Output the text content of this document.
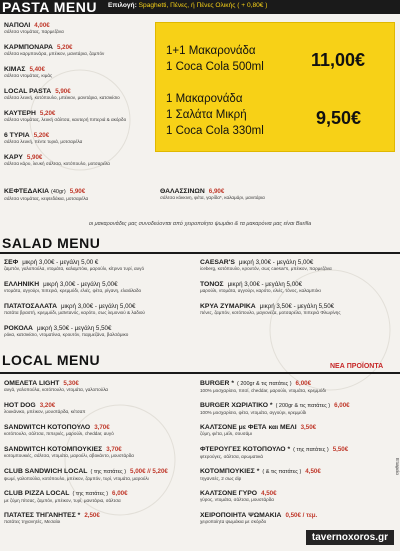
PASTA MENU Επιλογή: Spaghetti, Πένες, ή Πένες Ολικής ( + 0,80€ )
ΝΑΠΟΛΙ 4,00€
σάλτσα ντομάτας, παρμεζάνα
ΚΑΡΜΠΟΝΑΡΑ 5,20€
σάλτσα καρμπονάρα, μπέικον, μανιτάρια, ζαμπόν
ΚΙΜΑΣ 5,40€
σάλτσα ντομάτας, κιμάς
LOCAL PASTA 5,90€
σάλτσα λευκή, κοτόπουλο, μπέικον, μανιτάρια, κατσικίσιο
ΚΑΥΤΕΡΗ 5,20€
σάλτσα ντομάτας, λευκή σάλτσα, καυτερή πιπεριά & ακόρδο
6 ΤΥΡΙΑ 5,20€
σάλτσα λευκή, πέντε τυριά, μοτσαρέλα
ΚΑΡΥ 5,90€
σάλτσα κάρυ, λευκή σάλτσα, κοτόπουλο, μοτσαρέλα
ΚΕΦΤΕΔΑΚΙΑ (40gr) 5,90€
σάλτσα ντομάτας, κεφτεδάκια, μοτσαρέλα
ΘΑΛΑΣΣΙΝΩΝ 6,90€
σάλτσα κόκκινη, φέτα, γαρίδα*, καλαμάρι, μανιτάρια
1+1 Μακαρονάδα
1 Coca Cola 500ml	11,00€
1 Μακαρονάδα
1 Σαλάτα Μικρή
1 Coca Cola 330ml
9,50€
οι μακαρονάδες μας συνοδεύονται από χειροποίητο ψωμάκι & τα μακαρόνια μας είναι Barilla
SALAD MENU
ΣΕΦ μικρή 3,00€ - μεγάλη 5,00 €
ζαμπόν, γαλοπούλα, ντομάτα, καλαμπόκι, μαρούλι, κίτρινο τυρί, αυγό
ΕΛΛΗΝΙΚΗ μικρή 3,00€ - μεγάλη 5,00€
ντομάτα, αγγούρι, πιπεριά, κρεμμύδι, ελιές, φέτα, ρίγανη, ελαιόλαδο
ΠΑΤΑΤΟΣΑΛΑΤΑ μικρή 3,00€ - μεγάλη 5,00€
πατάτα βραστή, κρεμμύδι, μαϊντανός, καρότο, σως λεμονιού & λαδιού
ΡΟΚΟΛΑ μικρή 3,50€ - μεγάλη 5,50€
ρόκα, κατσικίσιο, ντοματίνια, κρουτόν, παρμεζάνα, βαλσάμικο
CAESAR'S μικρή 3,00€ - μεγάλη 5,00€
iceberg, κοτόπουλο, κρουτόν, σως caesar's, μπέικον, παρμεζάνα
ΤΟΝΟΣ μικρή 3,00€ - μεγάλη 5,00€
μαρούλι, ντομάτα, αγγούρι, καρότο, ελιές, τόνος, καλαμπόκι
ΚΡΥΑ ΖΥΜΑΡΙΚΑ μικρή 3,50€ - μεγάλη 5,50€
πένες, ζαμπόν, κοτόπουλο, μαγιονέζα, μοτσαρέλα, πιπεριά Φλωρίνης
LOCAL MENU	ΝΕΑ ΠΡΟΪΟΝΤΑ
ΟΜΕΛΕΤΑ LIGHT 5,30€
αυγά, γαλοπούλα, κοτόπουλο, ντομάτα, γαλοπούλα
HOT DOG 3,20€
λουκάνικο, μπέικον, μουστάρδα, κέτσαπ
SANDWITCH ΚΟΤΟΠΟΥΛΟ 3,70€
κοτόπουλο, σάλτσα, πιπεριές, μαρούλι, cheddar, αυγό
SANDWITCH ΚΟΤΟΜΠΟΥΚΙΕΣ 3,70€
κοτομπουκιές, σάλτσα, ντομάτα, μαρούλι, αβοκάντο, μουστάρδα
CLUB SANDWICH LOCAL ( της πατάτες ) 5,00€ // 5,20€
ψωμί, γαλοπούλα, κοτόπουλο, μπέικον, ζαμπόν, τυρί, ντομάτα, μαρούλι
CLUB PIZZA LOCAL ( της πατάτες ) 6,00€
με ζύμη πίτσας, ζαμπόν, μπέικον, τυρί, μανιτάρια, σάλτσα
ΠΑΤΑΤΕΣ ΤΗΓΑΝΗΤΕΣ * 2,50€
πατάτες τηγανητές, Μεσαίοι
BURGER * ( 200gr & τις πατάτες ) 6,00€
100% μοσχαρίσιο, πιτσί, cheddar, μαρούλι, ντομάτα, κρεμμύδι
BURGER ΧΩΡΙΑΤΙΚΟ * ( 200gr & τις πατάτες ) 6,00€
100% μοσχαρίσιο, φέτα, ντομάτα, αγγούρι, κρεμμύδι
ΚΑΛΤΣΟΝΕ με ΦΕΤΑ και ΜΕΛΙ 3,50€
ζύμη, φέτα, μέλι, σουσάμι
ΦΤΕΡΟΥΓΕΣ ΚΟΤΟΠΟΥΛΟ * ( της πατάτες ) 5,50€
φτερούγες, σάλτσα, αρωματικά
ΚΟΤΟΜΠΟΥΚΙΕΣ * ( & τις πατάτες ) 4,50€
τηγανιτές, 2 σως dip
ΚΑΛΤΣΟΝΕ ΓΥΡΟ 4,50€
γύρος, ντομάτα, σάλτσα, μουστάρδα
ΧΕΙΡΟΠΟΙΗΤΑ ΨΩΜΑΚΙΑ 0,50€ / τεμ.
χειροποίητα ψωμάκια με σκόρδο
Εταιρεία
tavernoxoros.gr
